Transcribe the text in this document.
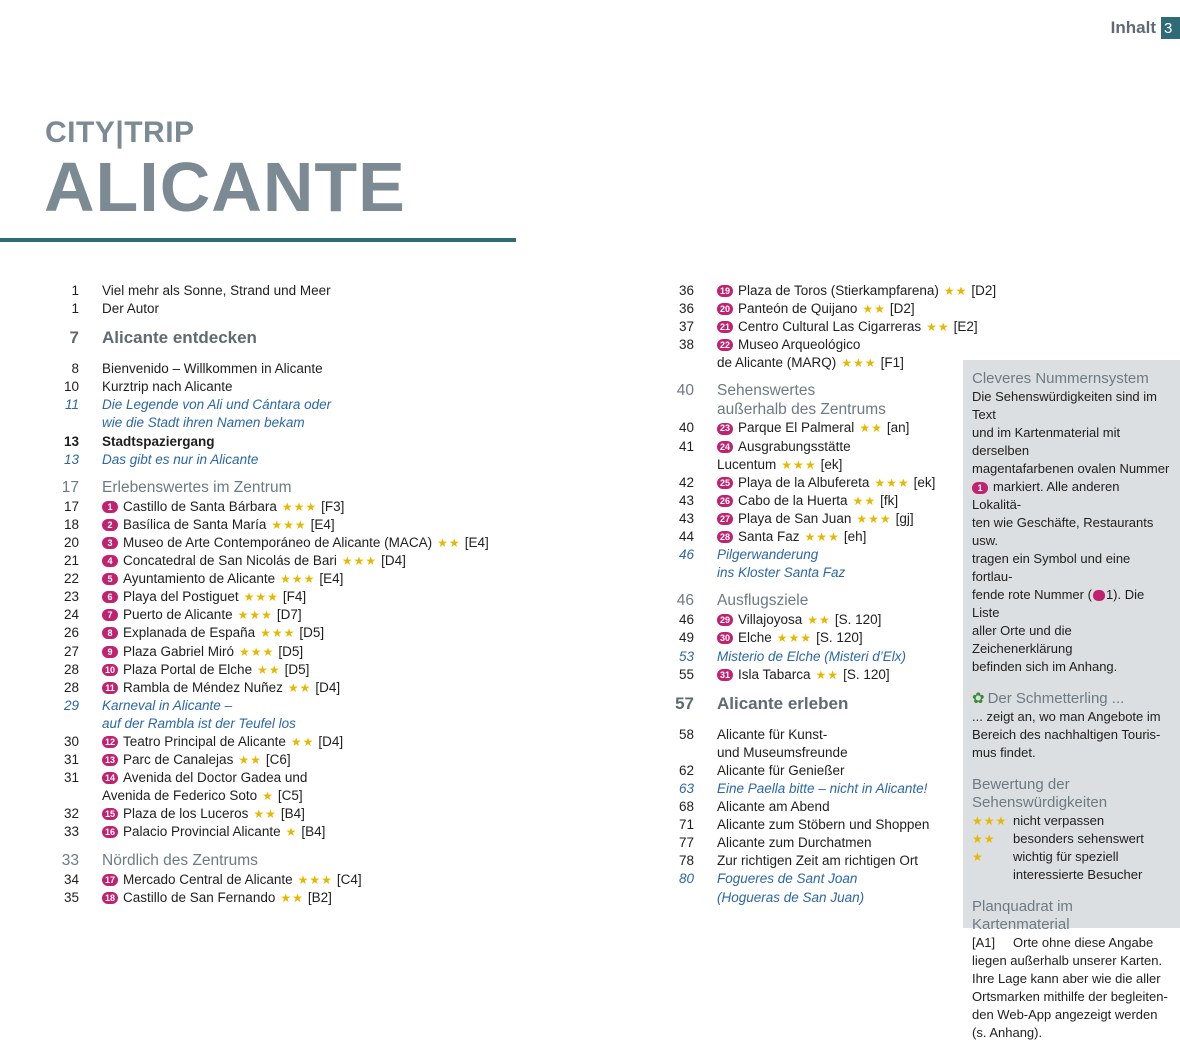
Inhalt 3
CITY|TRIP
ALICANTE
1 Viel mehr als Sonne, Strand und Meer
1 Der Autor
7 Alicante entdecken
8 Bienvenido – Willkommen in Alicante
10 Kurztrip nach Alicante
11 Die Legende von Ali und Cántara oder
wie die Stadt ihren Namen bekam
13 Stadtspaziergang
13 Das gibt es nur in Alicante
17 Erlebenswertes im Zentrum
17	1 Castillo de Santa Bárbara ★★★ [F3]
18	2 Basílica de Santa María ★★★ [E4]
20	3 Museo de Arte Contemporáneo de Alicante (MACA) ★★ [E4]
21	4 Concatedral de San Nicolás de Bari ★★★ [D4]
22	5 Ayuntamiento de Alicante ★★★ [E4]
23	6 Playa del Postiguet ★★★ [F4]
24	7 Puerto de Alicante ★★★ [D7]
26	8 Explanada de España ★★★ [D5]
27	9 Plaza Gabriel Miró ★★★ [D5]
28	10 Plaza Portal de Elche ★★ [D5]
28	11 Rambla de Méndez Nuñez ★★ [D4]
29 Karneval in Alicante –
auf der Rambla ist der Teufel los
30	12 Teatro Principal de Alicante ★★ [D4]
31	13 Parc de Canalejas ★★ [C6]
31	14 Avenida del Doctor Gadea und
Avenida de Federico Soto ★ [C5]
32	15 Plaza de los Luceros ★★ [B4]
33	16 Palacio Provincial Alicante ★ [B4]
33 Nördlich des Zentrums
34	17 Mercado Central de Alicante ★★★ [C4]
35	18 Castillo de San Fernando ★★ [B2]
36	19 Plaza de Toros (Stierkampfarena) ★★ [D2]
36	20 Panteón de Quijano ★★ [D2]
37	21 Centro Cultural Las Cigarreras ★★ [E2]
38	22 Museo Arqueológico
de Alicante (MARQ) ★★★ [F1]
40 Sehenswertes
außerhalb des Zentrums
40	23 Parque El Palmeral ★★ [an]
41	24 Ausgrabungsstätte
Lucentum ★★★ [ek]
42	25 Playa de la Albufereta ★★★ [ek]
43	26 Cabo de la Huerta ★★ [fk]
43	27 Playa de San Juan ★★★ [gj]
44	28 Santa Faz ★★★ [eh]
46 Pilgerwanderung
ins Kloster Santa Faz
46 Ausflugsziele
46	29 Villajoyosa ★★ [S. 120]
49	30 Elche ★★★ [S. 120]
53 Misterio de Elche (Misteri d’Elx)
55	31 Isla Tabarca ★★ [S. 120]
57 Alicante erleben
58 Alicante für Kunst-
und Museumsfreunde
62 Alicante für Genießer
63 Eine Paella bitte – nicht in Alicante!
68 Alicante am Abend
71 Alicante zum Stöbern und Shoppen
77 Alicante zum Durchatmen
78 Zur richtigen Zeit am richtigen Ort
80 Fogueres de Sant Joan
(Hogueras de San Juan)
Cleveres Nummernsystem
Die Sehenswürdigkeiten sind im Text
und im Kartenmaterial mit derselben
magentafarbenen ovalen Nummer
1 markiert. Alle anderen Lokalitä-
ten wie Geschäfte, Restaurants usw.
tragen ein Symbol und eine fortlau-
fende rote Nummer ( 1). Die Liste
aller Orte und die Zeichenerklärung
befinden sich im Anhang.
✿ Der Schmetterling ...
... zeigt an, wo man Angebote im
Bereich des nachhaltigen Touris-
mus findet.
Bewertung der
Sehenswürdigkeiten
★★★ nicht verpassen
★★	besonders sehenswert
★	wichtig für speziell
interessierte Besucher
Planquadrat im Kartenmaterial
[A1]	Orte ohne diese Angabe
liegen außerhalb unserer Karten.
Ihre Lage kann aber wie die aller
Ortsmarken mithilfe der begleiten-
den Web-App angezeigt werden
(s. Anhang).
